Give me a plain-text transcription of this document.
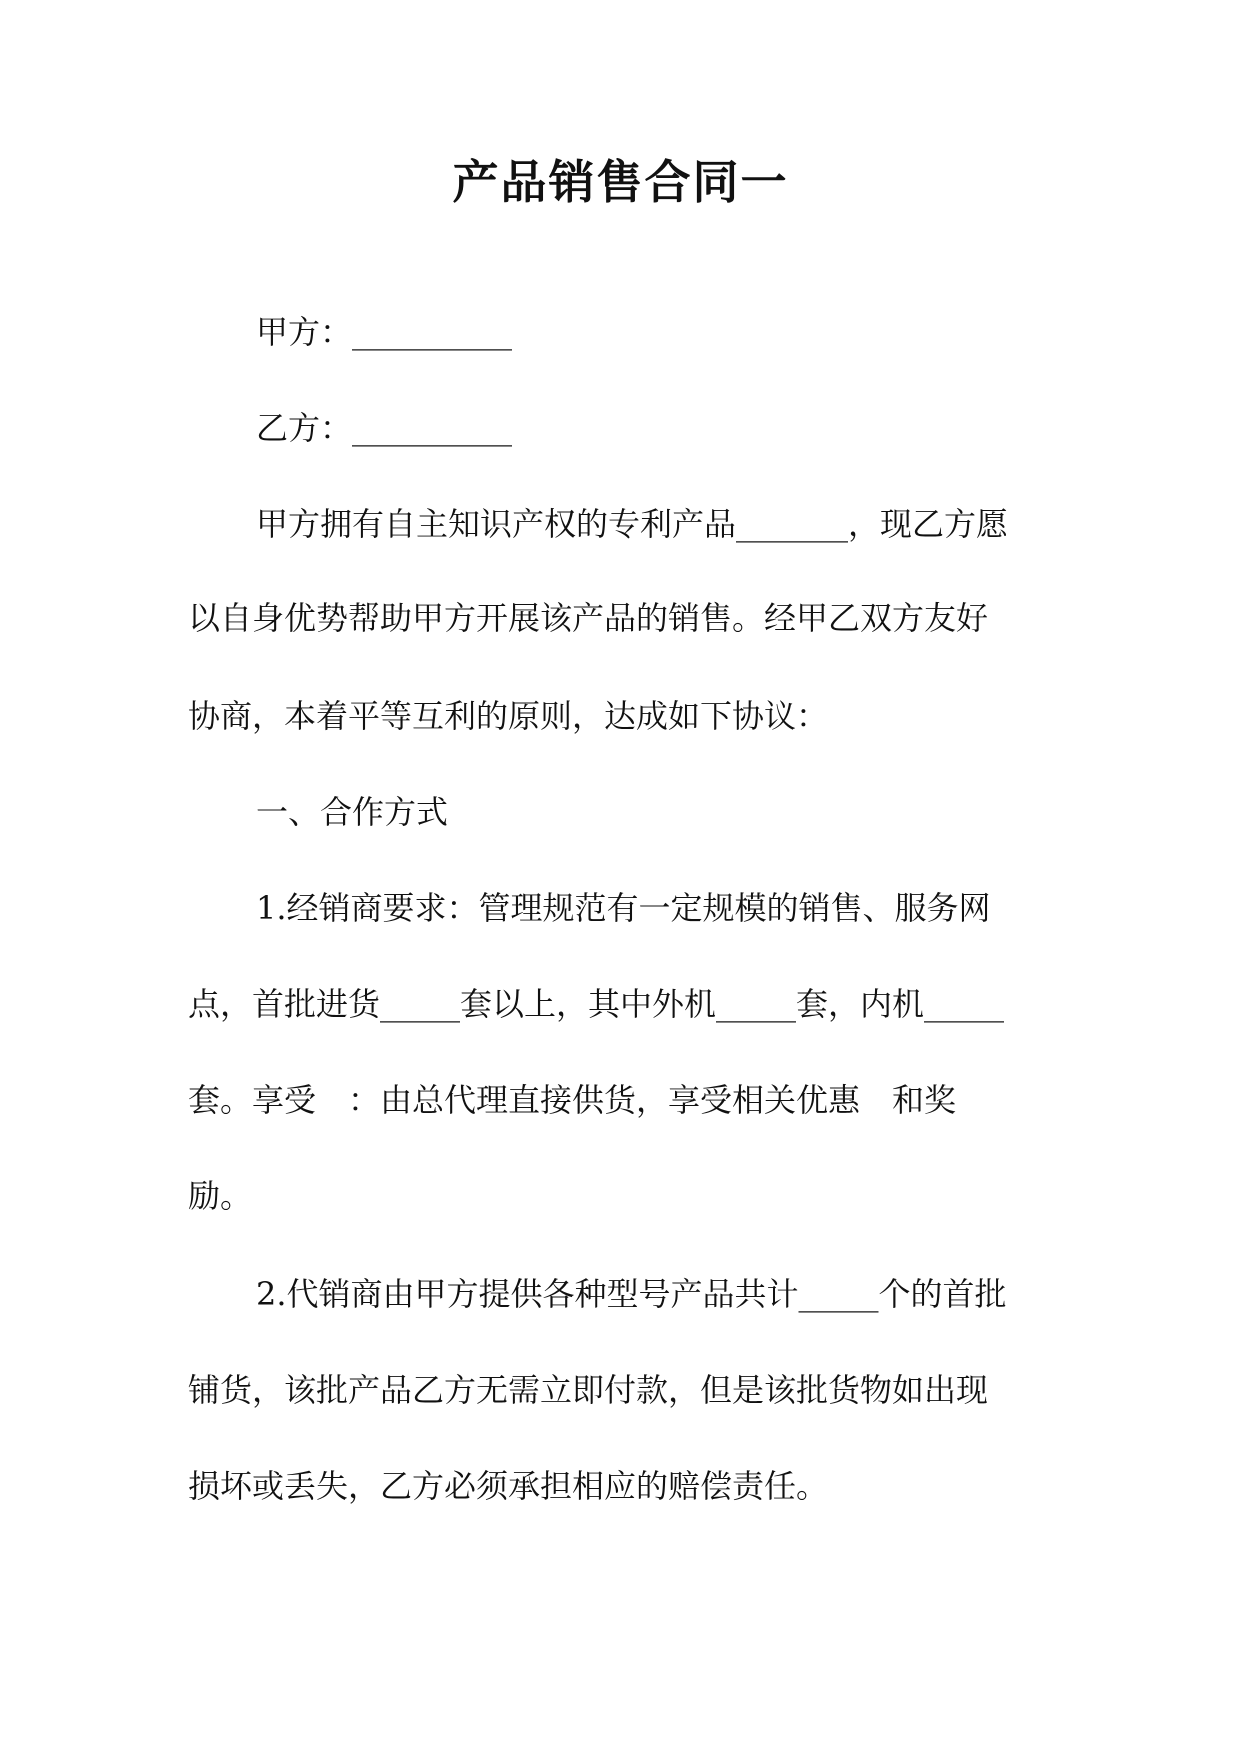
产品销售合同一

甲方：__________

乙方：__________

甲方拥有自主知识产权的专利产品_______，现乙方愿

以自身优势帮助甲方开展该产品的销售。经甲乙双方友好

协商，本着平等互利的原则，达成如下协议：

一、合作方式

1.经销商要求：管理规范有一定规模的销售、服务网

点，首批进货_____套以上，其中外机_____套，内机_____

套。享受　：由总代理直接供货，享受相关优惠　和奖

励。

2.代销商由甲方提供各种型号产品共计_____个的首批

铺货，该批产品乙方无需立即付款，但是该批货物如出现

损坏或丢失，乙方必须承担相应的赔偿责任。
